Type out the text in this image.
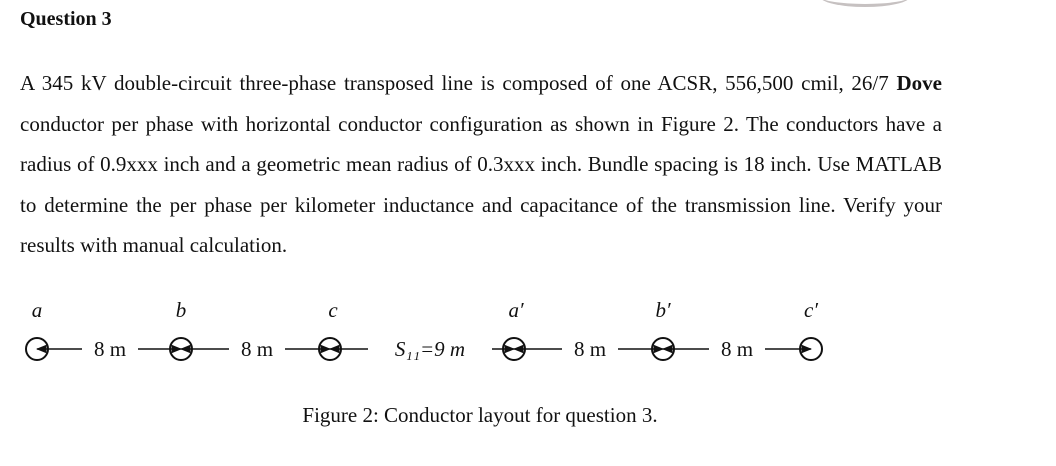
Question 3

A 345 kV double-circuit three-phase transposed line is composed of one ACSR, 556,500 cmil, 26/7 Dove conductor per phase with horizontal conductor configuration as shown in Figure 2. The conductors have a radius of 0.9xxx inch and a geometric mean radius of 0.3xxx inch. Bundle spacing is 18 inch. Use MATLAB to determine the per phase per kilometer inductance and capacitance of the transmission line. Verify your results with manual calculation.

a	b	c	a′	b′	c′
8 m	8 m	S₁₁=9 m	8 m	8 m

Figure 2: Conductor layout for question 3.
